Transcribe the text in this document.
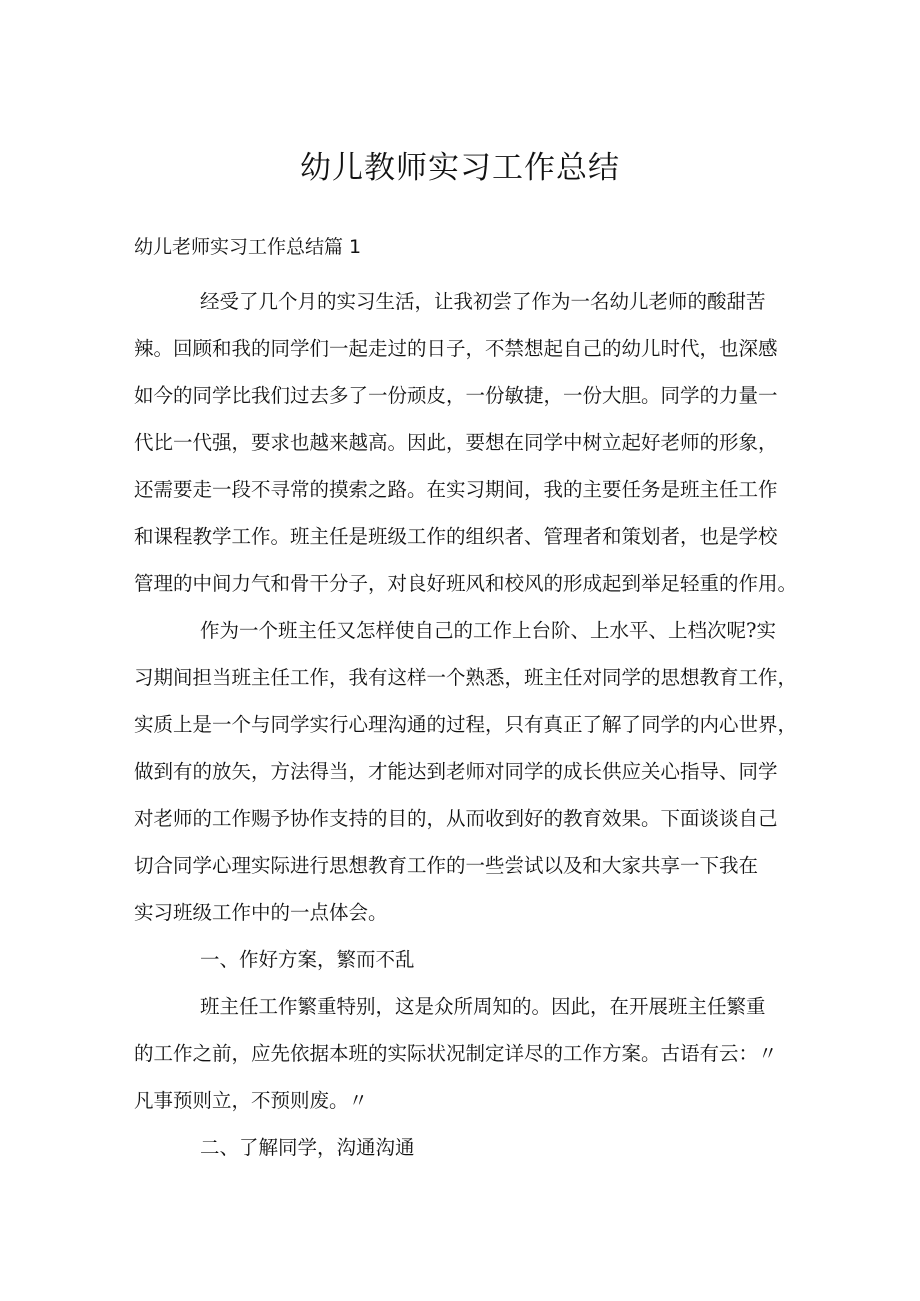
幼儿教师实习工作总结
幼儿老师实习工作总结篇 1

经受了几个月的实习生活，让我初尝了作为一名幼儿老师的酸甜苦
辣。回顾和我的同学们一起走过的日子，不禁想起自己的幼儿时代，也深感
如今的同学比我们过去多了一份顽皮，一份敏捷，一份大胆。同学的力量一
代比一代强，要求也越来越高。因此，要想在同学中树立起好老师的形象，
还需要走一段不寻常的摸索之路。在实习期间，我的主要任务是班主任工作
和课程教学工作。班主任是班级工作的组织者、管理者和策划者，也是学校
管理的中间力气和骨干分子，对良好班风和校风的形成起到举足轻重的作用。

作为一个班主任又怎样使自己的工作上台阶、上水平、上档次呢?实
习期间担当班主任工作，我有这样一个熟悉，班主任对同学的思想教育工作，
实质上是一个与同学实行心理沟通的过程，只有真正了解了同学的内心世界，
做到有的放矢，方法得当，才能达到老师对同学的成长供应关心指导、同学
对老师的工作赐予协作支持的目的，从而收到好的教育效果。下面谈谈自己
切合同学心理实际进行思想教育工作的一些尝试以及和大家共享一下我在
实习班级工作中的一点体会。

一、作好方案，繁而不乱

班主任工作繁重特别，这是众所周知的。因此，在开展班主任繁重
的工作之前，应先依据本班的实际状况制定详尽的工作方案。古语有云：〃
凡事预则立，不预则废。〃

二、了解同学，沟通沟通
